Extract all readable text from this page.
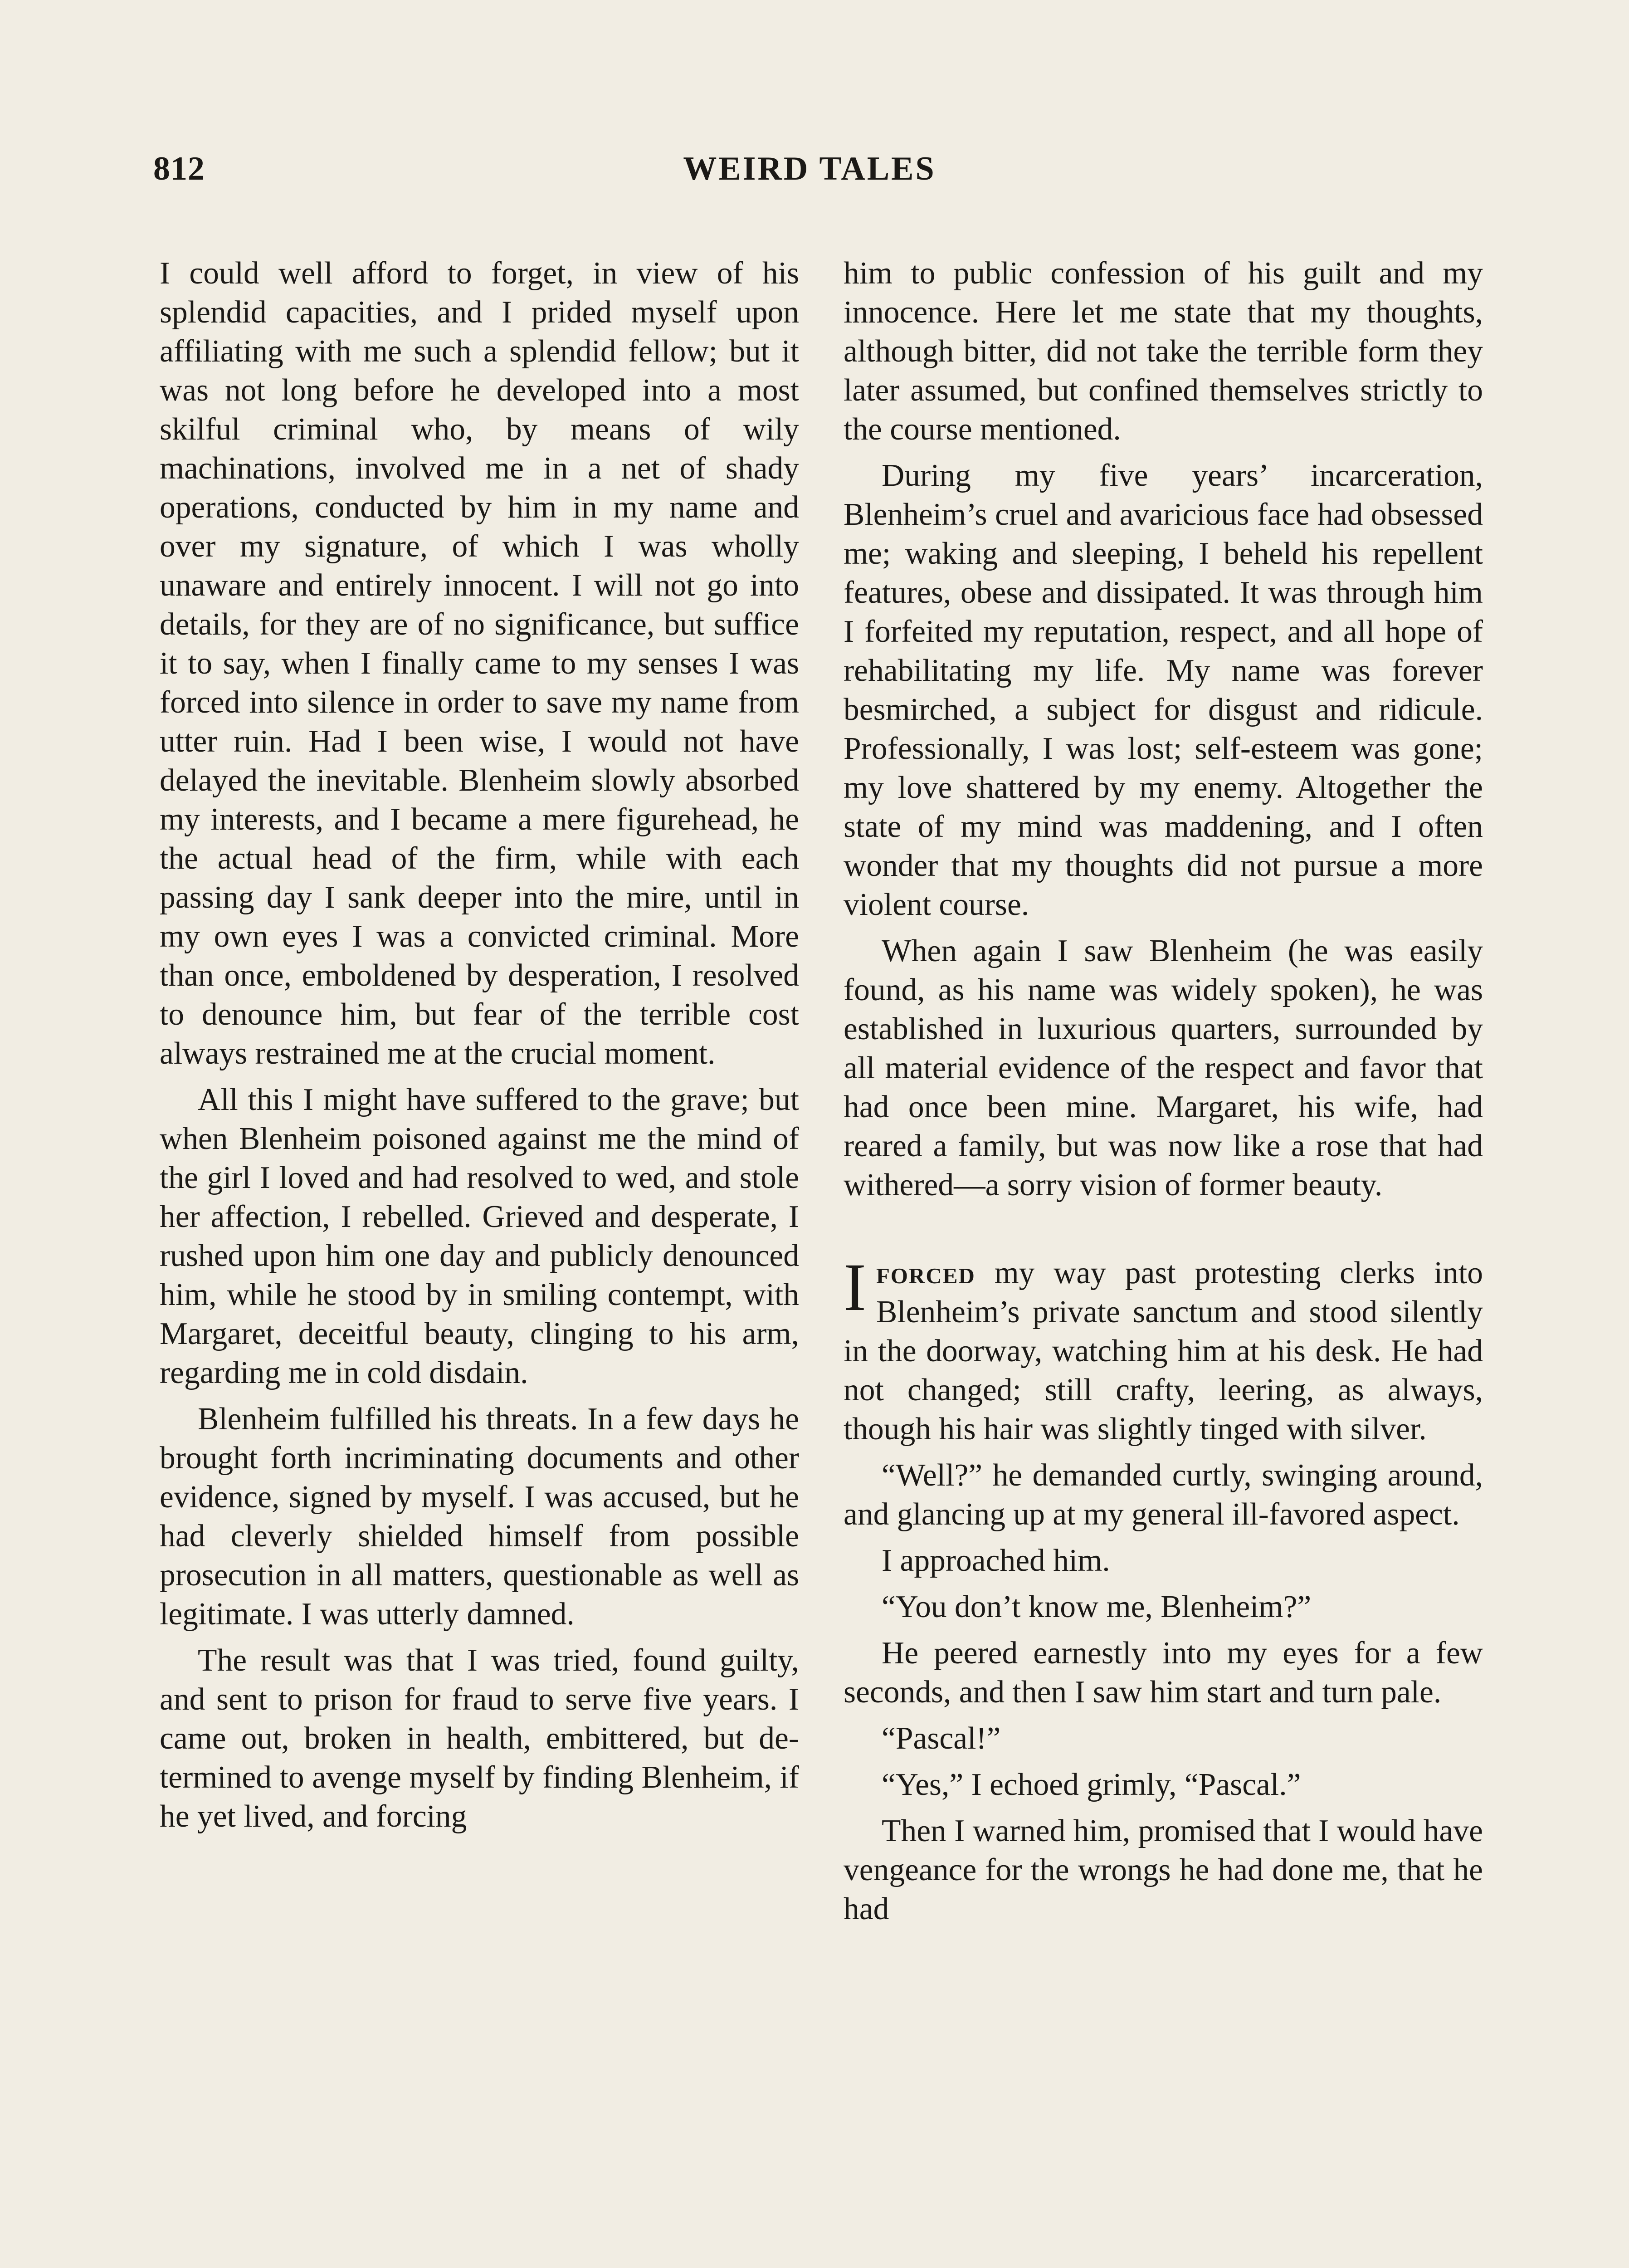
812	WEIRD TALES

I could well afford to forget, in view of his splendid capacities, and I prided myself upon affiliating with me such a splendid fellow; but it was not long before he developed into a most skilful criminal who, by means of wily machinations, involved me in a net of shady operations, conducted by him in my name and over my signature, of which I was wholly unaware and entirely innocent. I will not go into details, for they are of no significance, but suffice it to say, when I finally came to my senses I was forced into silence in order to save my name from utter ruin. Had I been wise, I would not have delayed the inevitable. Blenheim slowly absorbed my interests, and I became a mere figurehead, he the actual head of the firm, while with each passing day I sank deeper into the mire, until in my own eyes I was a convicted criminal. More than once, emboldened by desperation, I resolved to denounce him, but fear of the terrible cost always restrained me at the crucial moment.

All this I might have suffered to the grave; but when Blenheim poisoned against me the mind of the girl I loved and had resolved to wed, and stole her affection, I rebelled. Grieved and desperate, I rushed upon him one day and publicly denounced him, while he stood by in smiling contempt, with Margaret, deceitful beauty, clinging to his arm, regarding me in cold disdain.

Blenheim fulfilled his threats. In a few days he brought forth incriminating documents and other evidence, signed by myself. I was accused, but he had cleverly shielded himself from possible prosecution in all matters, questionable as well as legitimate. I was utterly damned.

The result was that I was tried, found guilty, and sent to prison for fraud to serve five years. I came out, broken in health, embittered, but determined to avenge myself by finding Blenheim, if he yet lived, and forcing

him to public confession of his guilt and my innocence. Here let me state that my thoughts, although bitter, did not take the terrible form they later assumed, but confined themselves strictly to the course mentioned.

During my five years’ incarceration, Blenheim’s cruel and avaricious face had obsessed me; waking and sleeping, I beheld his repellent features, obese and dissipated. It was through him I forfeited my reputation, respect, and all hope of rehabilitating my life. My name was forever besmirched, a subject for disgust and ridicule. Professionally, I was lost; self-esteem was gone; my love shattered by my enemy. Altogether the state of my mind was maddening, and I often wonder that my thoughts did not pursue a more violent course.

When again I saw Blenheim (he was easily found, as his name was widely spoken), he was established in luxurious quarters, surrounded by all material evidence of the respect and favor that had once been mine. Margaret, his wife, had reared a family, but was now like a rose that had withered—a sorry vision of former beauty.

Iforced my way past protesting clerks into Blenheim’s private sanctum and stood silently in the doorway, watching him at his desk. He had not changed; still crafty, leering, as always, though his hair was slightly tinged with silver.

“Well?” he demanded curtly, swinging around, and glancing up at my general ill-favored aspect.

I approached him.

“You don’t know me, Blenheim?”

He peered earnestly into my eyes for a few seconds, and then I saw him start and turn pale.

“Pascal!”

“Yes,” I echoed grimly, “Pascal.”

Then I warned him, promised that I would have vengeance for the wrongs he had done me, that he had
